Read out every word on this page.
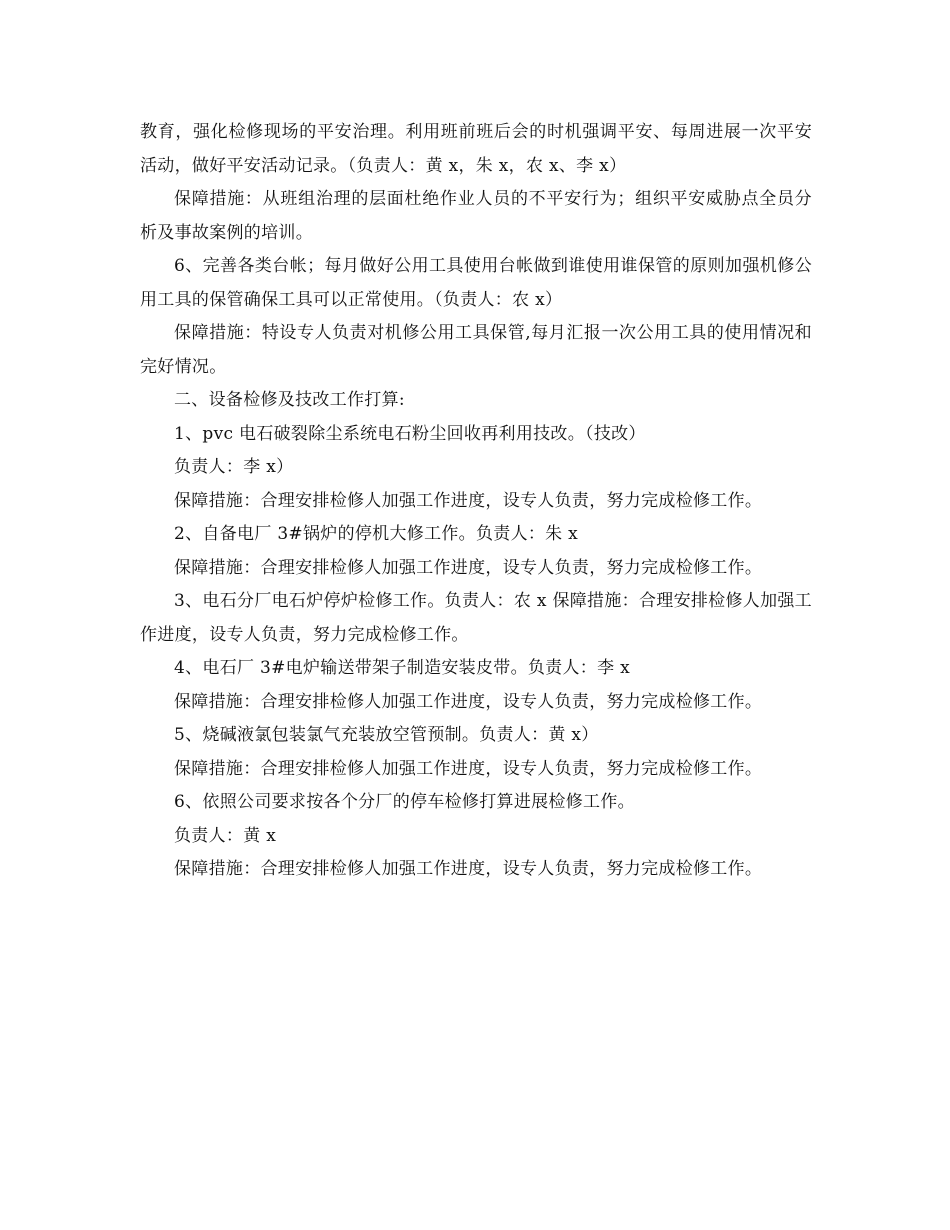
教育，强化检修现场的平安治理。利用班前班后会的时机强调平安、每周进展一次平安活动，做好平安活动记录。（负责人：黄 x，朱 x，农 x、李 x）

保障措施：从班组治理的层面杜绝作业人员的不平安行为；组织平安威胁点全员分析及事故案例的培训。

6、完善各类台帐；每月做好公用工具使用台帐做到谁使用谁保管的原则加强机修公用工具的保管确保工具可以正常使用。（负责人：农 x）

保障措施：特设专人负责对机修公用工具保管,每月汇报一次公用工具的使用情况和完好情况。

二、设备检修及技改工作打算:

1、pvc 电石破裂除尘系统电石粉尘回收再利用技改。（技改）

负责人：李 x）

保障措施：合理安排检修人加强工作进度，设专人负责，努力完成检修工作。

2、自备电厂 3#锅炉的停机大修工作。负责人：朱 x

保障措施：合理安排检修人加强工作进度，设专人负责，努力完成检修工作。

3、电石分厂电石炉停炉检修工作。负责人：农 x 保障措施：合理安排检修人加强工作进度，设专人负责，努力完成检修工作。

4、电石厂 3#电炉输送带架子制造安装皮带。负责人：李 x

保障措施：合理安排检修人加强工作进度，设专人负责，努力完成检修工作。

5、烧碱液氯包装氯气充装放空管预制。负责人：黄 x）

保障措施：合理安排检修人加强工作进度，设专人负责，努力完成检修工作。

6、依照公司要求按各个分厂的停车检修打算进展检修工作。

负责人：黄 x

保障措施：合理安排检修人加强工作进度，设专人负责，努力完成检修工作。
